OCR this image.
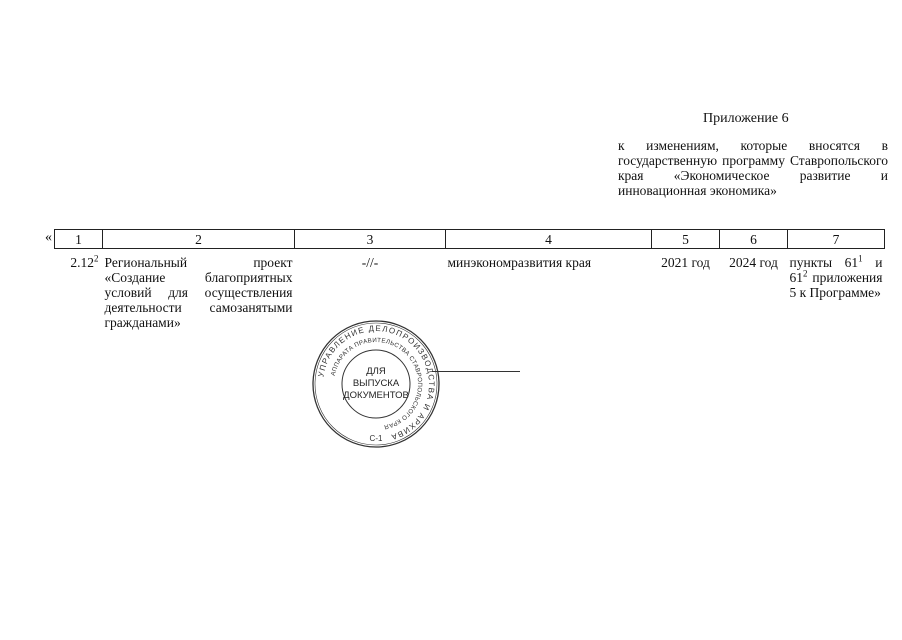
Приложение 6
к изменениям, которые вносятся в государственную программу Ставропольского края «Экономическое развитие и инновационная экономика»
« 1	2	3	4	5	6	7
2.12$^2$	Региональный проект «Создание благоприятных условий для осуществления деятельности самозанятыми гражданами»	-//-	минэкономразвития края	2021 год	2024 год	пункты $61^1$ и $61^2$ приложения 5 к Программе»
УПРАВЛЕНИЕ ДЕЛОПРОИЗВОДСТВА И АРХИВА
АППАРАТА ПРАВИТЕЛЬСТВА СТАВРОПОЛЬСКОГО КРАЯ
С-1
ДЛЯ
ВЫПУСКА
ДОКУМЕНТОВ
